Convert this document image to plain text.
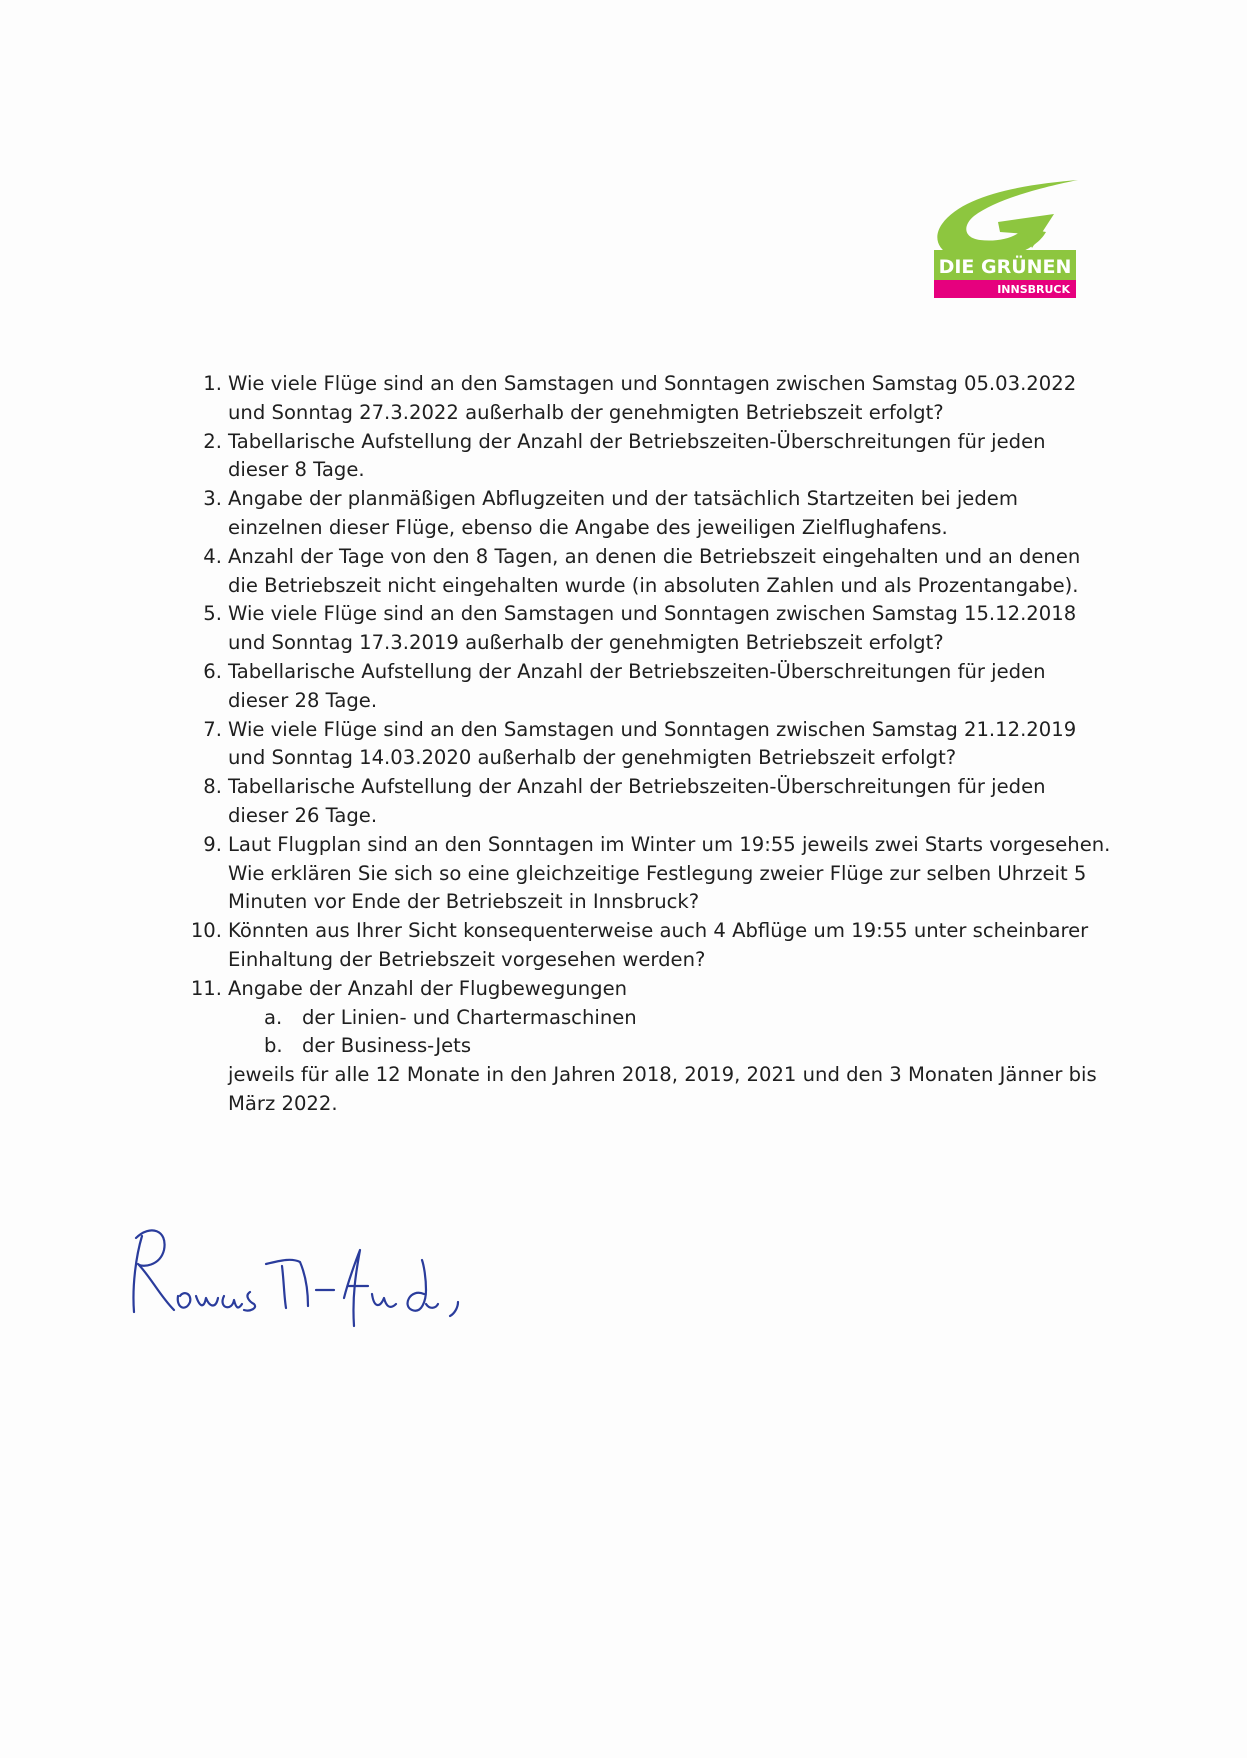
DIE GRÜNEN
INNSBRUCK
1. Wie viele Flüge sind an den Samstagen und Sonntagen zwischen Samstag 05.03.2022 und Sonntag 27.3.2022 außerhalb der genehmigten Betriebszeit erfolgt?
2. Tabellarische Aufstellung der Anzahl der Betriebszeiten-Überschreitungen für jeden dieser 8 Tage.
3. Angabe der planmäßigen Abflugzeiten und der tatsächlich Startzeiten bei jedem einzelnen dieser Flüge, ebenso die Angabe des jeweiligen Zielflughafens.
4. Anzahl der Tage von den 8 Tagen, an denen die Betriebszeit eingehalten und an denen die Betriebszeit nicht eingehalten wurde (in absoluten Zahlen und als Prozentangabe).
5. Wie viele Flüge sind an den Samstagen und Sonntagen zwischen Samstag 15.12.2018 und Sonntag 17.3.2019 außerhalb der genehmigten Betriebszeit erfolgt?
6. Tabellarische Aufstellung der Anzahl der Betriebszeiten-Überschreitungen für jeden dieser 28 Tage.
7. Wie viele Flüge sind an den Samstagen und Sonntagen zwischen Samstag 21.12.2019 und Sonntag 14.03.2020 außerhalb der genehmigten Betriebszeit erfolgt?
8. Tabellarische Aufstellung der Anzahl der Betriebszeiten-Überschreitungen für jeden dieser 26 Tage.
9. Laut Flugplan sind an den Sonntagen im Winter um 19:55 jeweils zwei Starts vorgesehen. Wie erklären Sie sich so eine gleichzeitige Festlegung zweier Flüge zur selben Uhrzeit 5 Minuten vor Ende der Betriebszeit in Innsbruck?
10. Könnten aus Ihrer Sicht konsequenterweise auch 4 Abflüge um 19:55 unter scheinbarer Einhaltung der Betriebszeit vorgesehen werden?
11. Angabe der Anzahl der Flugbewegungen
a. der Linien- und Chartermaschinen
b. der Business-Jets
jeweils für alle 12 Monate in den Jahren 2018, 2019, 2021 und den 3 Monaten Jänner bis März 2022.
